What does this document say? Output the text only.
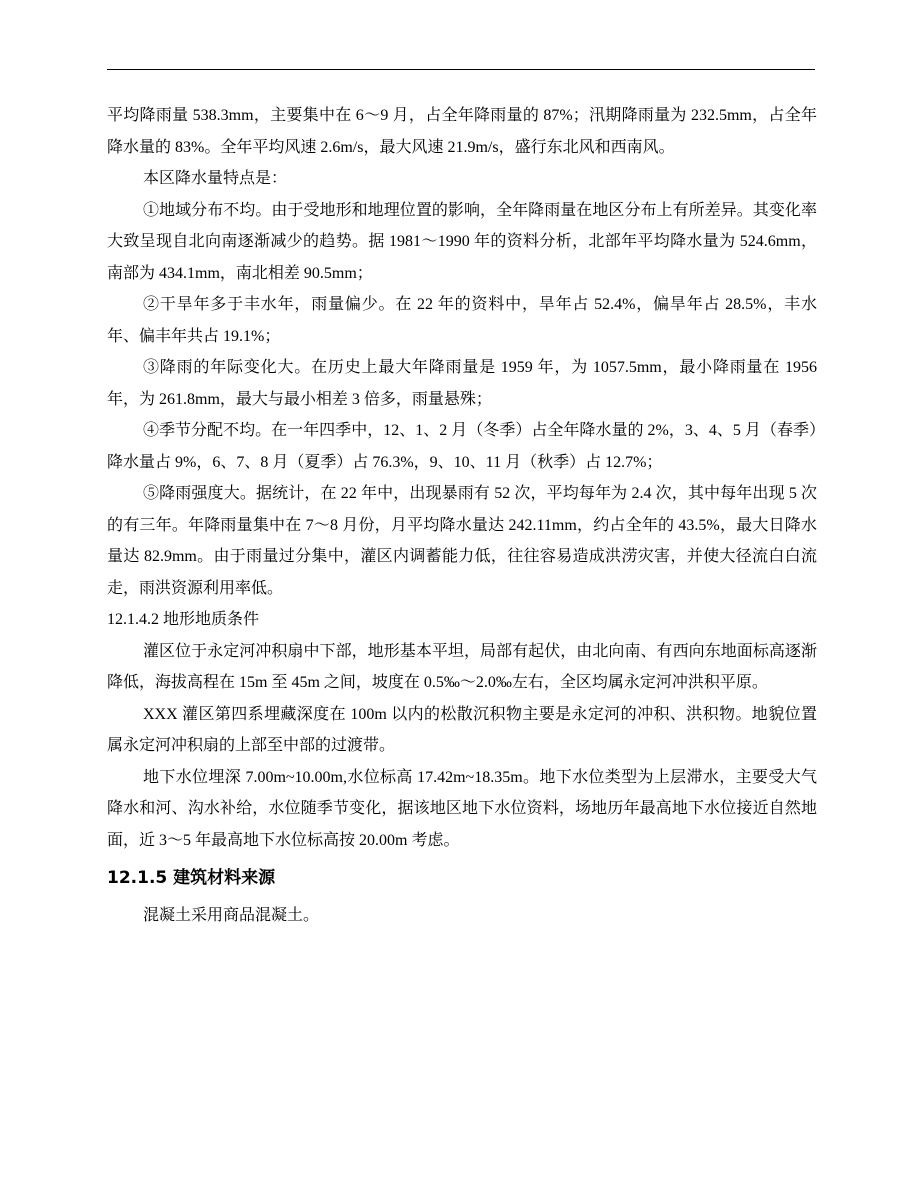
平均降雨量 538.3mm，主要集中在 6～9 月，占全年降雨量的 87%；汛期降雨量为 232.5mm，占全年降水量的 83%。全年平均风速 2.6m/s，最大风速 21.9m/s，盛行东北风和西南风。

本区降水量特点是：

①地域分布不均。由于受地形和地理位置的影响，全年降雨量在地区分布上有所差异。其变化率大致呈现自北向南逐渐减少的趋势。据 1981～1990 年的资料分析，北部年平均降水量为 524.6mm，南部为 434.1mm，南北相差 90.5mm；

②干旱年多于丰水年，雨量偏少。在 22 年的资料中，旱年占 52.4%，偏旱年占 28.5%，丰水年、偏丰年共占 19.1%；

③降雨的年际变化大。在历史上最大年降雨量是 1959 年，为 1057.5mm，最小降雨量在 1956 年，为 261.8mm，最大与最小相差 3 倍多，雨量悬殊；

④季节分配不均。在一年四季中，12、1、2 月（冬季）占全年降水量的 2%，3、4、5 月（春季）降水量占 9%，6、7、8 月（夏季）占 76.3%，9、10、11 月（秋季）占 12.7%；

⑤降雨强度大。据统计，在 22 年中，出现暴雨有 52 次，平均每年为 2.4 次，其中每年出现 5 次的有三年。年降雨量集中在 7～8 月份，月平均降水量达 242.11mm，约占全年的 43.5%，最大日降水量达 82.9mm。由于雨量过分集中，灌区内调蓄能力低，往往容易造成洪涝灾害，并使大径流白白流走，雨洪资源利用率低。

12.1.4.2 地形地质条件

灌区位于永定河冲积扇中下部，地形基本平坦，局部有起伏，由北向南、有西向东地面标高逐渐降低，海拔高程在 15m 至 45m 之间，坡度在 0.5‰～2.0‰左右，全区均属永定河冲洪积平原。

XXX 灌区第四系埋藏深度在 100m 以内的松散沉积物主要是永定河的冲积、洪积物。地貌位置属永定河冲积扇的上部至中部的过渡带。

地下水位埋深 7.00m~10.00m,水位标高 17.42m~18.35m。地下水位类型为上层滞水，主要受大气降水和河、沟水补给，水位随季节变化，据该地区地下水位资料，场地历年最高地下水位接近自然地面，近 3～5 年最高地下水位标高按 20.00m 考虑。

12.1.5 建筑材料来源

混凝土采用商品混凝土。
